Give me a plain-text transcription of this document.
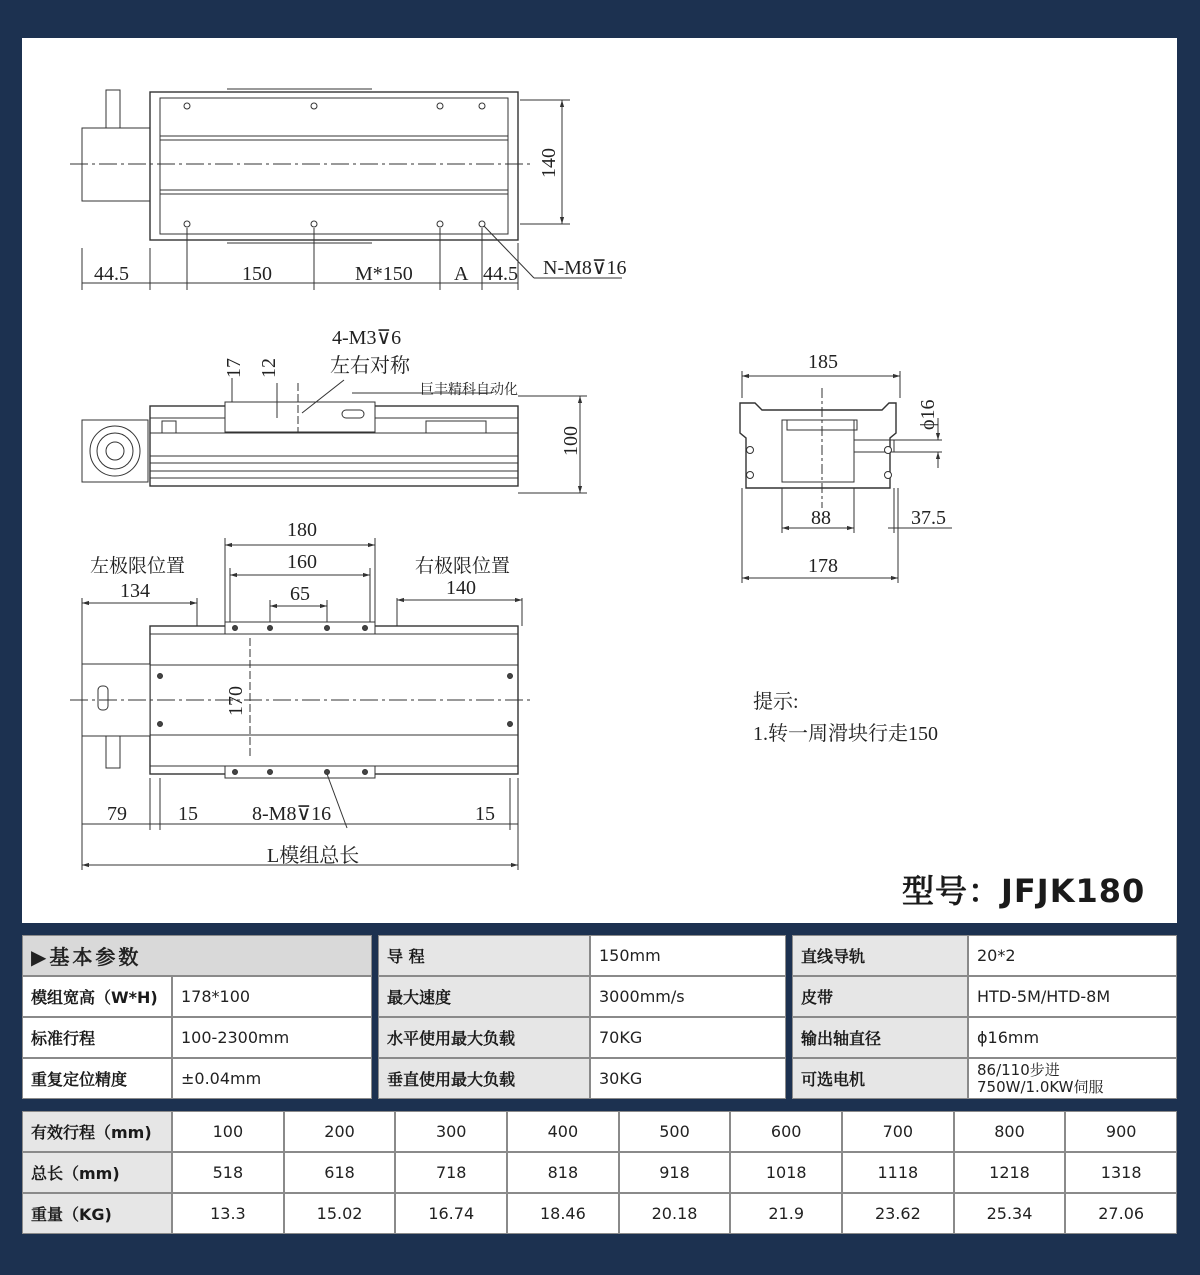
44.5	150	M*150 A 44.5
140
N-M8⊽16
4-M3⊽6
左右对称
17 12
巨丰精科自动化
100
左极限位置	右极限位置
180
160
65
134	140
170
79	15	8-M8⊽16	15
L模组总长
185
ϕ16
88	37.5
178
提示:
1.转一周滑块行走150
型号：JFJK180
▶基本参数			导 程	150mm		直线导轨	20*2
模组宽高（W*H)	178*100		最大速度	3000mm/s		皮带	HTD-5M/HTD-8M
标准行程	100-2300mm		水平使用最大负载	70KG		输出轴直径	ϕ16mm
重复定位精度	±0.04mm		垂直使用最大负载	30KG		可选电机	86/110步进
750W/1.0KW伺服
有效行程（mm)	100	200	300	400	500	600	700	800	900
总长（mm)	518	618	718	818	918	1018	1118	1218	1318
重量（KG)	13.3	15.02	16.74	18.46	20.18	21.9	23.62	25.34	27.06
